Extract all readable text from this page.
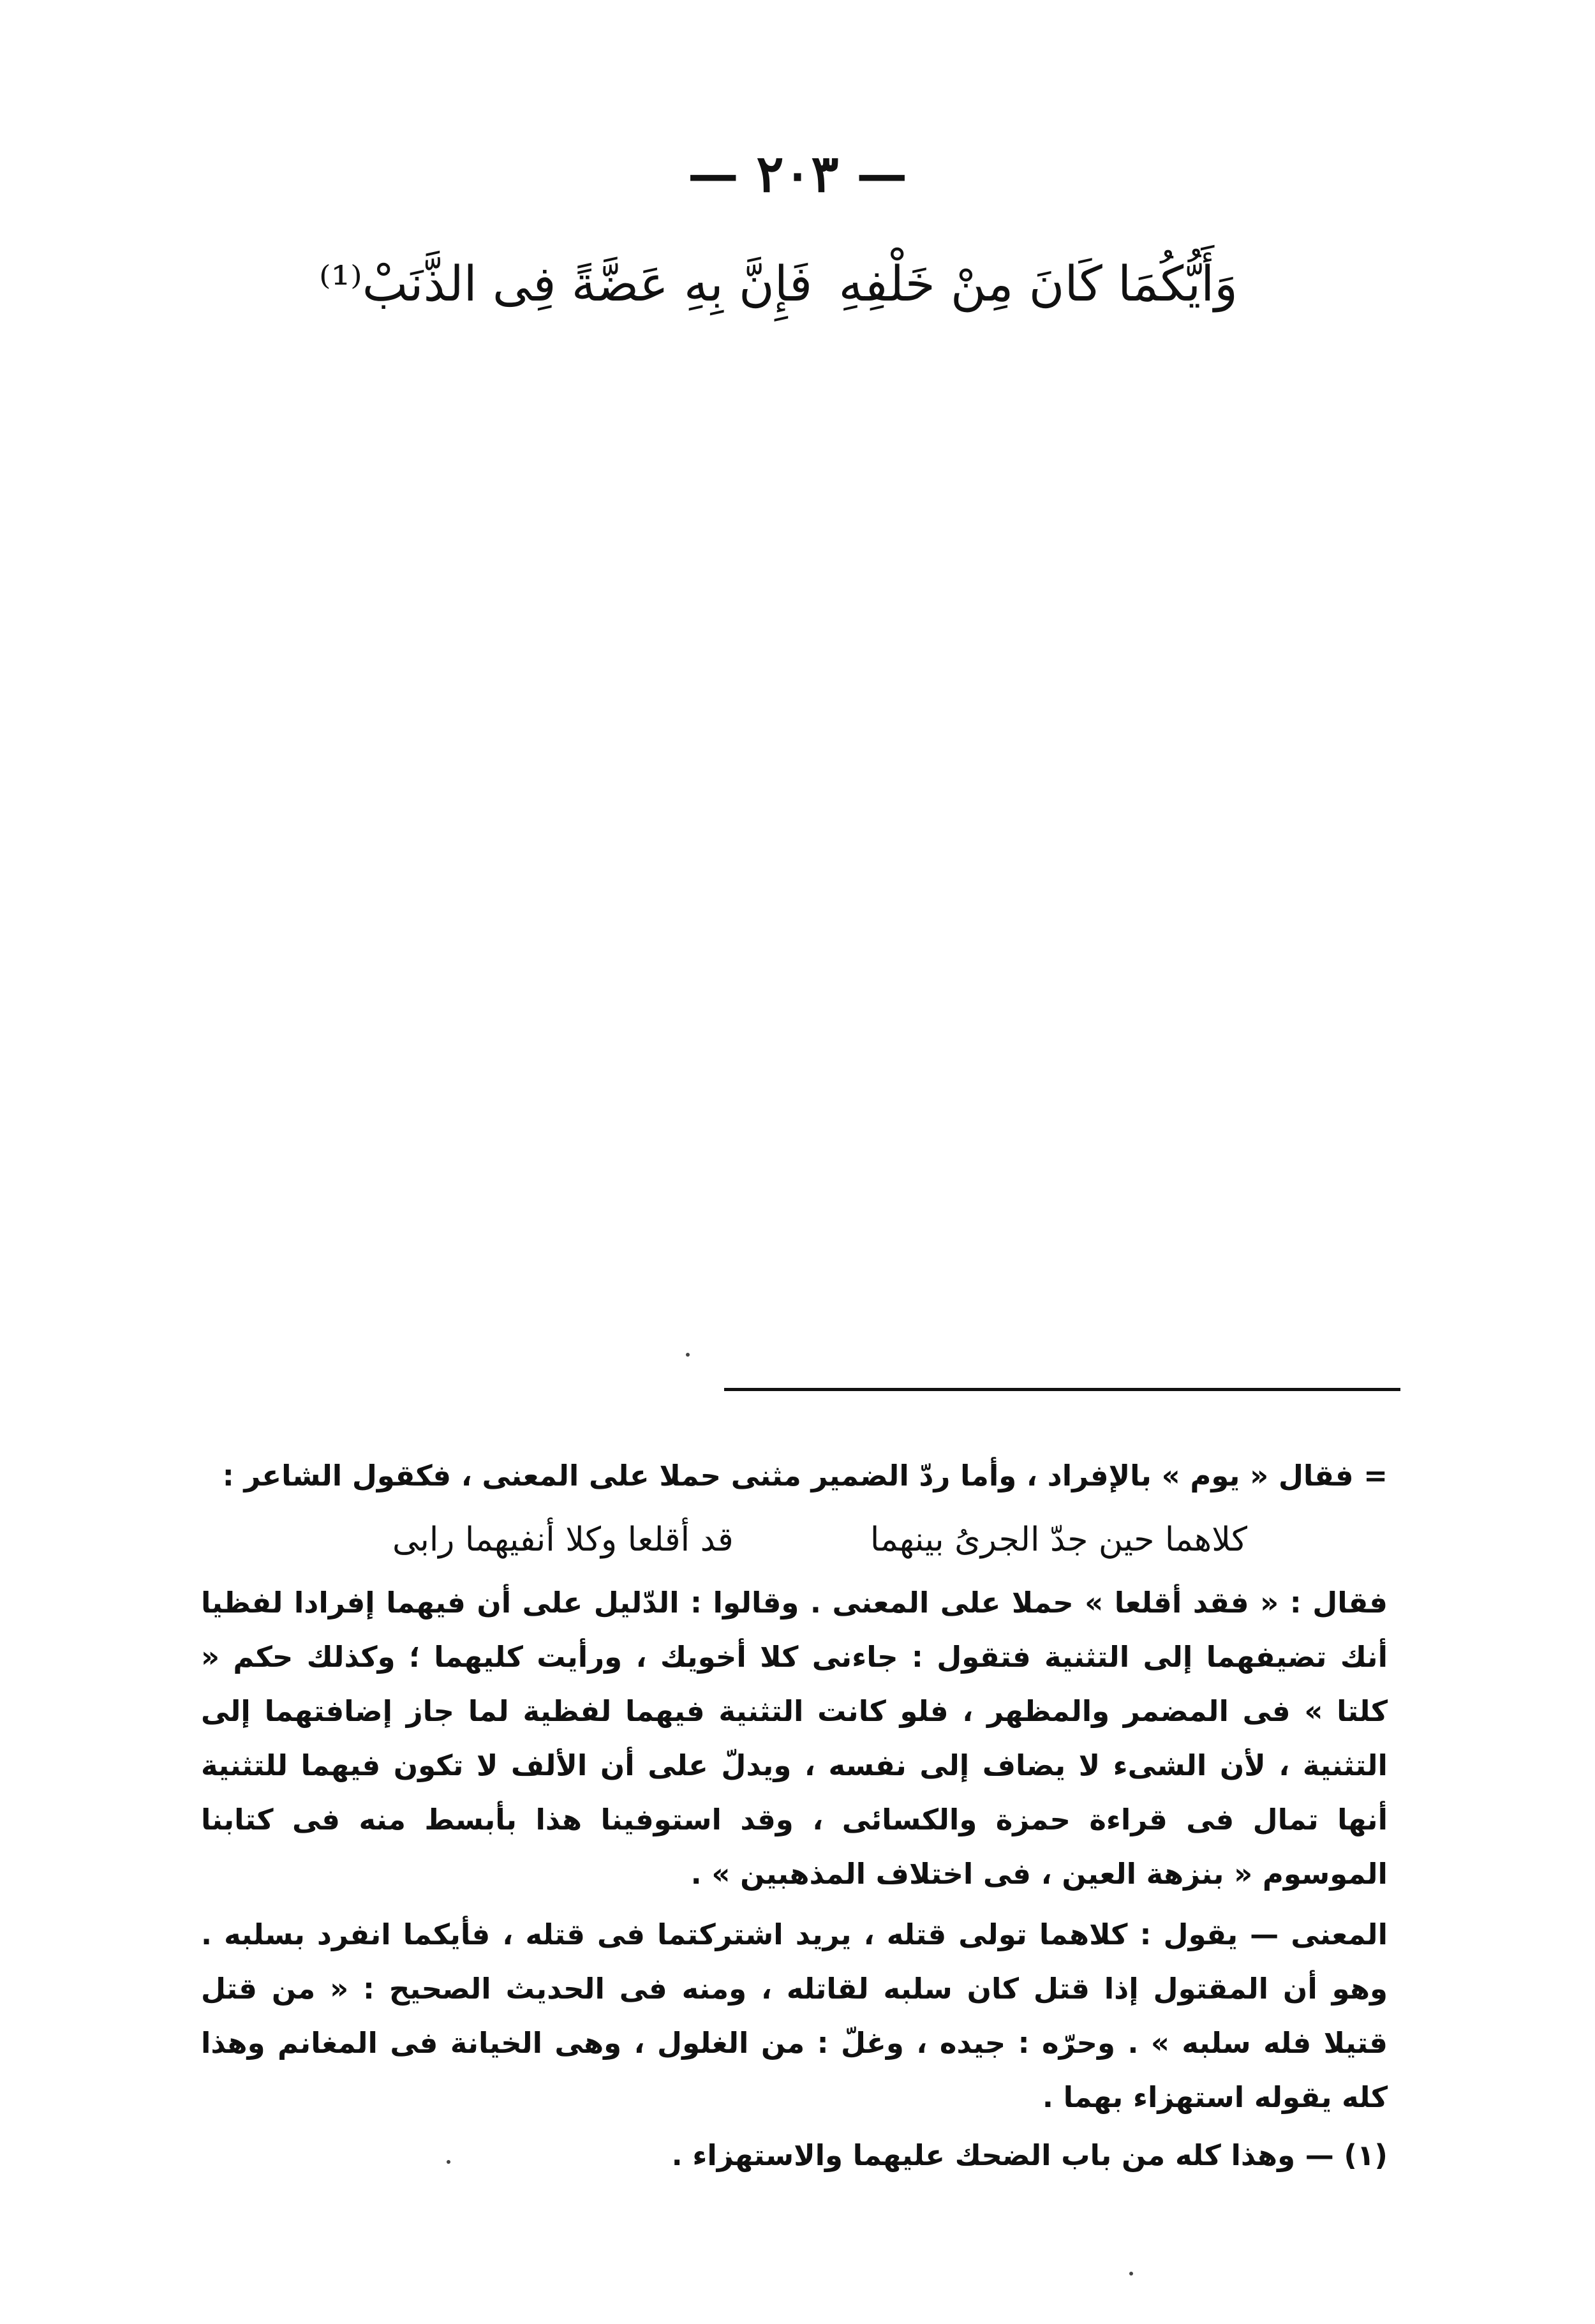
— ٢٠٣ —
وَأَيُّكُمَا كَانَ مِنْ خَلْفِهِ
فَإِنَّ بِهِ عَضَّةً فِى الذَّنَبْ⁽¹⁾

= فقال « يوم » بالإفراد ، وأما ردّ الضمير مثنى حملا على المعنى ، فكقول الشاعر :

كلاهما حين جدّ الجرىُ بينهما
قد أقلعا وكلا أنفيهما رابى

فقال : « فقد أقلعا » حملا على المعنى . وقالوا : الدّليل على أن فيهما إفرادا لفظيا أنك تضيفهما إلى التثنية فتقول : جاءنى كلا أخويك ، ورأيت كليهما ؛ وكذلك حكم « كلتا » فى المضمر والمظهر ، فلو كانت التثنية فيهما لفظية لما جاز إضافتهما إلى التثنية ، لأن الشىء لا يضاف إلى نفسه ، ويدلّ على أن الألف لا تكون فيهما للتثنية أنها تمال فى قراءة حمزة والكسائى ، وقد استوفينا هذا بأبسط منه فى كتابنا الموسوم « بنزهة العين ، فى اختلاف المذهبين » .

المعنى — يقول : كلاهما تولى قتله ، يريد اشتركتما فى قتله ، فأيكما انفرد بسلبه . وهو أن المقتول إذا قتل كان سلبه لقاتله ، ومنه فى الحديث الصحيح : « من قتل قتيلا فله سلبه » . وحرّه : جيده ، وغلّ : من الغلول ، وهى الخيانة فى المغانم وهذا كله يقوله استهزاء بهما .

(١) — وهذا كله من باب الضحك عليهما والاستهزاء .
